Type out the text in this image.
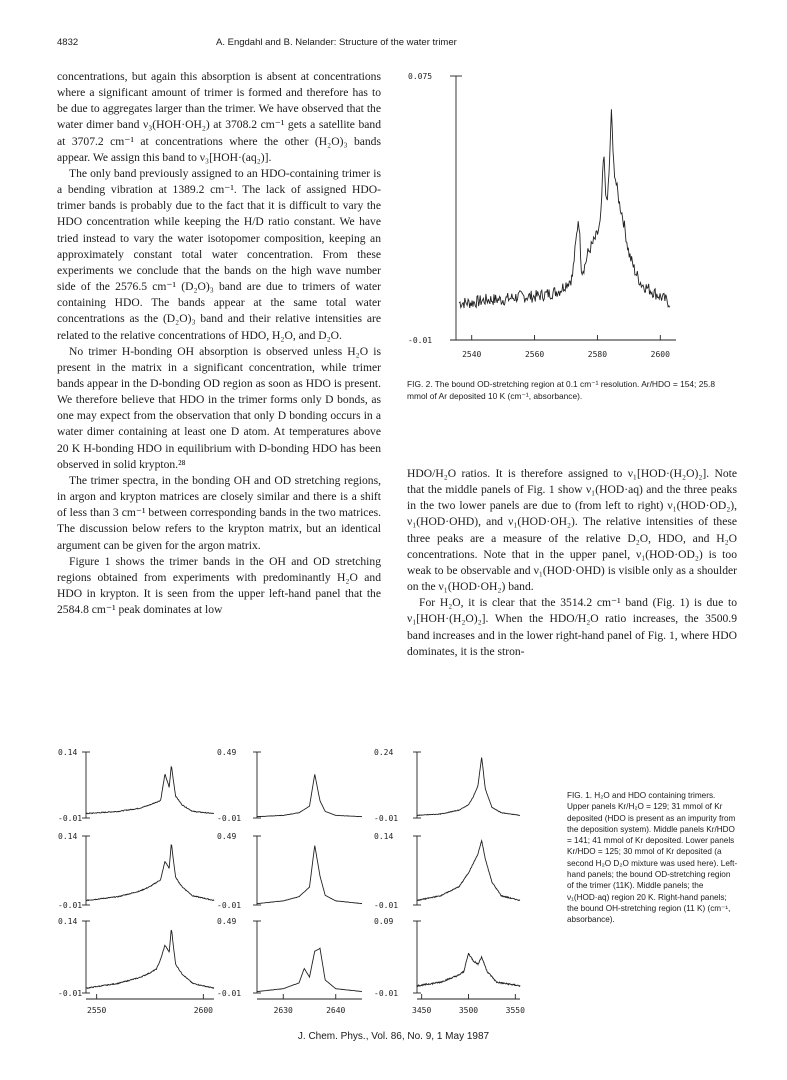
4832	A. Engdahl and B. Nelander: Structure of the water trimer

concentrations, but again this absorption is absent at concentrations where a significant amount of trimer is formed and therefore has to be due to aggregates larger than the trimer. We have observed that the water dimer band ν₃(HOH·OH₂) at 3708.2 cm⁻¹ gets a satellite band at 3707.2 cm⁻¹ at concentrations where the other (H₂O)₃ bands appear. We assign this band to ν₃[HOH·(aq₂)].

The only band previously assigned to an HDO-containing trimer is a bending vibration at 1389.2 cm⁻¹. The lack of assigned HDO-trimer bands is probably due to the fact that it is difficult to vary the HDO concentration while keeping the H/D ratio constant. We have tried instead to vary the water isotopomer composition, keeping an approximately constant total water concentration. From these experiments we conclude that the bands on the high wave number side of the 2576.5 cm⁻¹ (D₂O)₃ band are due to trimers of water containing HDO. The bands appear at the same total water concentrations as the (D₂O)₃ band and their relative intensities are related to the relative concentrations of HDO, H₂O, and D₂O.

No trimer H-bonding OH absorption is observed unless H₂O is present in the matrix in a significant concentration, while trimer bands appear in the D-bonding OD region as soon as HDO is present. We therefore believe that HDO in the trimer forms only D bonds, as one may expect from the observation that only D bonding occurs in a water dimer containing at least one D atom. At temperatures above 20 K H-bonding HDO in equilibrium with D-bonding HDO has been observed in solid krypton.²⁸

The trimer spectra, in the bonding OH and OD stretching regions, in argon and krypton matrices are closely similar and there is a shift of less than 3 cm⁻¹ between corresponding bands in the two matrices. The discussion below refers to the krypton matrix, but an identical argument can be given for the argon matrix.

Figure 1 shows the trimer bands in the OH and OD stretching regions obtained from experiments with predominantly H₂O and HDO in krypton. It is seen from the upper left-hand panel that the 2584.8 cm⁻¹ peak dominates at low

HDO/H₂O ratios. It is therefore assigned to ν₁[HOD·(H₂O)₂]. Note that the middle panels of Fig. 1 show ν₁(HOD·aq) and the three peaks in the two lower panels are due to (from left to right) ν₁(HOD·OD₂), ν₁(HOD·OHD), and ν₁(HOD·OH₂). The relative intensities of these three peaks are a measure of the relative D₂O, HDO, and H₂O concentrations. Note that in the upper panel, ν₁(HOD·OD₂) is too weak to be observable and ν₁(HOD·OHD) is visible only as a shoulder on the ν₁(HOD·OH₂) band.

For H₂O, it is clear that the 3514.2 cm⁻¹ band (Fig. 1) is due to ν₁[HOH·(H₂O)₂]. When the HDO/H₂O ratio increases, the 3500.9 band increases and in the lower right-hand panel of Fig. 1, where HDO dominates, it is the stron-

FIG. 2. The bound OD-stretching region at 0.1 cm⁻¹ resolution. Ar/HDO = 154; 25.8 mmol of Ar deposited 10 K (cm⁻¹, absorbance).
FIG. 1. H₂O and HDO containing trimers. Upper panels Kr/H₂O = 129; 31 mmol of Kr deposited (HDO is present as an impurity from the deposition system). Middle panels Kr/HDO = 141; 41 mmol of Kr deposited. Lower panels Kr/HDO = 125; 30 mmol of Kr deposited (a second H₂O D₂O mixture was used here). Left-hand panels; the bound OD-stretching region of the trimer (11K). Middle panels; the ν₁(HOD·aq) region 20 K. Right-hand panels; the bound OH-stretching region (11 K) (cm⁻¹, absorbance).
0.075
-0.01
2540	2560	2580	2600
0.14
-0.01
0.14
-0.01
0.14
-0.01
2550	2600
0.49
-0.01
0.49
-0.01
0.49
-0.01
2630	2640
0.24
-0.01
0.14
-0.01
0.09
-0.01
3450	3500	3550
J. Chem. Phys., Vol. 86, No. 9, 1 May 1987
